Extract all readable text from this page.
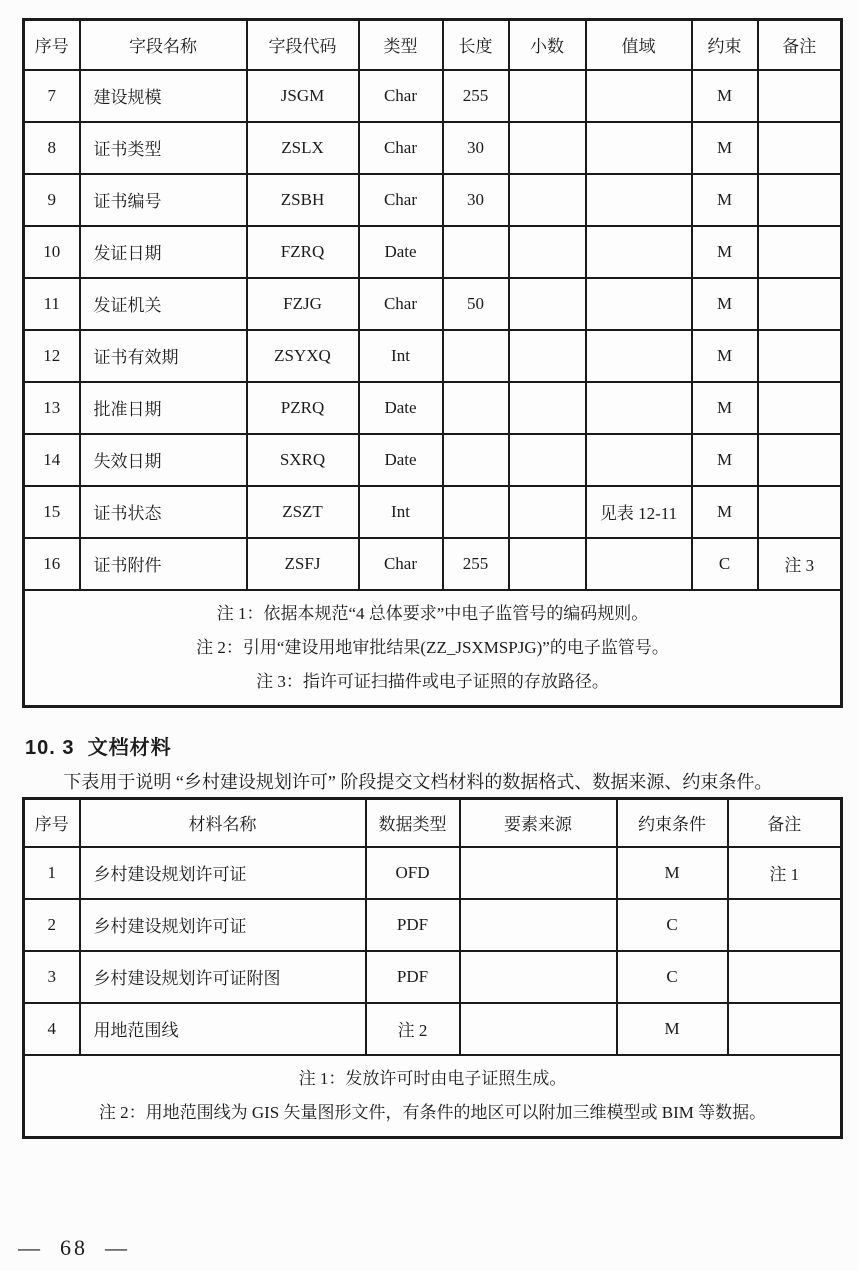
序号	字段名称	字段代码	类型	长度	小数	值域	约束	备注
7	建设规模	JSGM	Char	255			M	
8	证书类型	ZSLX	Char	30			M	
9	证书编号	ZSBH	Char	30			M	
10	发证日期	FZRQ	Date				M	
11	发证机关	FZJG	Char	50			M	
12	证书有效期	ZSYXQ	Int				M	
13	批准日期	PZRQ	Date				M	
14	失效日期	SXRQ	Date				M	
15	证书状态	ZSZT	Int			见表 12-11	M	
16	证书附件	ZSFJ	Char	255			C	注 3

注 1：依据本规范“4 总体要求”中电子监管号的编码规则。
注 2：引用“建设用地审批结果(ZZ_JSXMSPJG)”的电子监管号。
注 3：指许可证扫描件或电子证照的存放路径。								
10. 3  文档材料

下表用于说明 “乡村建设规划许可” 阶段提交文档材料的数据格式、数据来源、约束条件。

序号	材料名称	数据类型	要素来源	约束条件	备注
1	乡村建设规划许可证	OFD		M	注 1
2	乡村建设规划许可证	PDF		C	
3	乡村建设规划许可证附图	PDF		C	
4	用地范围线	注 2		M	

注 1：发放许可时由电子证照生成。
注 2：用地范围线为 GIS 矢量图形文件，有条件的地区可以附加三维模型或 BIM 等数据。					
—  68  —
